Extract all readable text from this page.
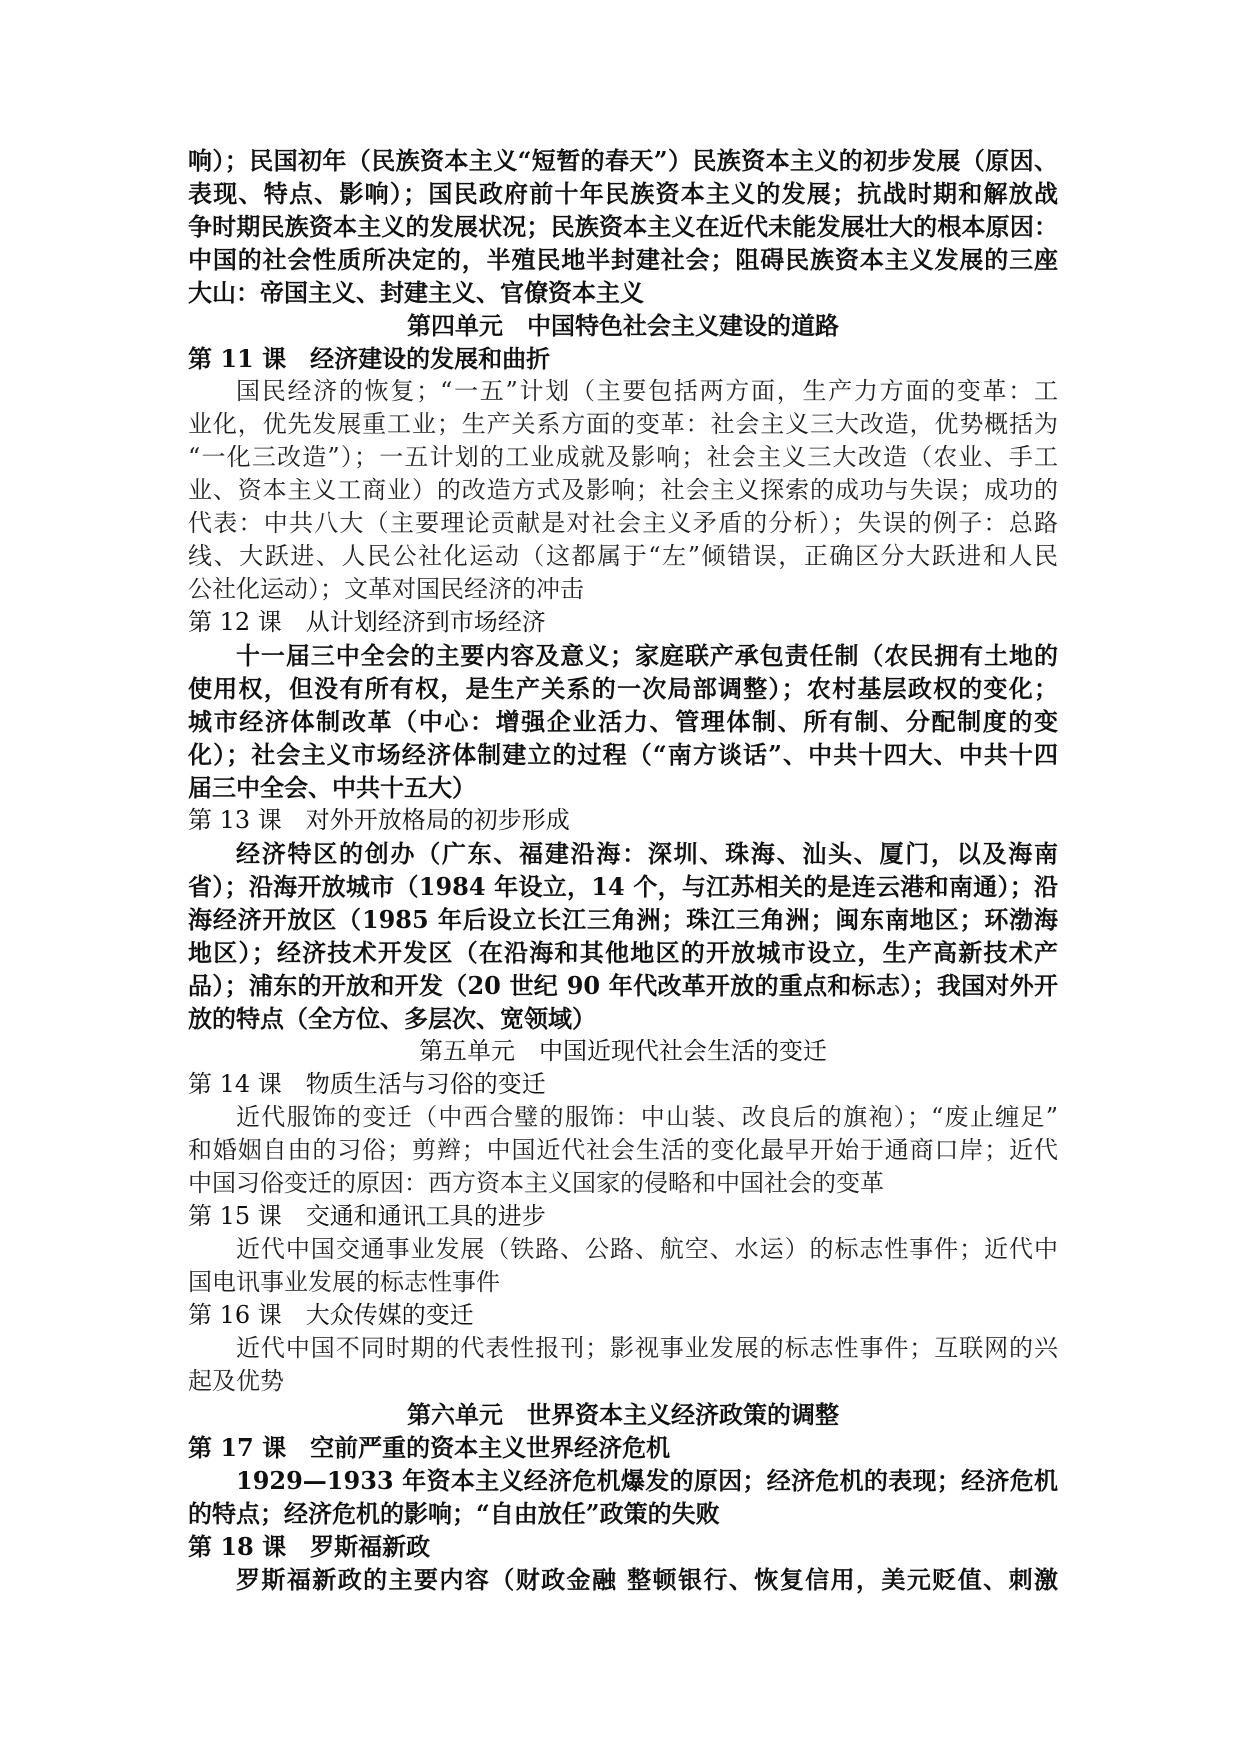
响）；民国初年（民族资本主义“短暂的春天”）民族资本主义的初步发展（原因、

表现、特点、影响）；国民政府前十年民族资本主义的发展；抗战时期和解放战

争时期民族资本主义的发展状况；民族资本主义在近代未能发展壮大的根本原因：

中国的社会性质所决定的，半殖民地半封建社会；阻碍民族资本主义发展的三座

大山：帝国主义、封建主义、官僚资本主义

第四单元　中国特色社会主义建设的道路

第 11 课　经济建设的发展和曲折

国民经济的恢复；“一五”计划（主要包括两方面，生产力方面的变革：工

业化，优先发展重工业；生产关系方面的变革：社会主义三大改造，优势概括为

“一化三改造”）；一五计划的工业成就及影响；社会主义三大改造（农业、手工

业、资本主义工商业）的改造方式及影响；社会主义探索的成功与失误；成功的

代表：中共八大（主要理论贡献是对社会主义矛盾的分析）；失误的例子：总路

线、大跃进、人民公社化运动（这都属于“左”倾错误，正确区分大跃进和人民

公社化运动）；文革对国民经济的冲击

第 12 课　从计划经济到市场经济

十一届三中全会的主要内容及意义；家庭联产承包责任制（农民拥有土地的

使用权，但没有所有权，是生产关系的一次局部调整）；农村基层政权的变化；

城市经济体制改革（中心：增强企业活力、管理体制、所有制、分配制度的变

化）；社会主义市场经济体制建立的过程（“南方谈话”、中共十四大、中共十四

届三中全会、中共十五大）

第 13 课　对外开放格局的初步形成

经济特区的创办（广东、福建沿海：深圳、珠海、汕头、厦门，以及海南

省）；沿海开放城市（1984 年设立，14 个，与江苏相关的是连云港和南通）；沿

海经济开放区（1985 年后设立长江三角洲；珠江三角洲；闽东南地区；环渤海

地区）；经济技术开发区（在沿海和其他地区的开放城市设立，生产高新技术产

品）；浦东的开放和开发（20 世纪 90 年代改革开放的重点和标志）；我国对外开

放的特点（全方位、多层次、宽领域）

第五单元　中国近现代社会生活的变迁

第 14 课　物质生活与习俗的变迁

近代服饰的变迁（中西合璧的服饰：中山装、改良后的旗袍）；“废止缠足”

和婚姻自由的习俗；剪辫；中国近代社会生活的变化最早开始于通商口岸；近代

中国习俗变迁的原因：西方资本主义国家的侵略和中国社会的变革

第 15 课　交通和通讯工具的进步

近代中国交通事业发展（铁路、公路、航空、水运）的标志性事件；近代中

国电讯事业发展的标志性事件

第 16 课　大众传媒的变迁

近代中国不同时期的代表性报刊；影视事业发展的标志性事件；互联网的兴

起及优势

第六单元　世界资本主义经济政策的调整

第 17 课　空前严重的资本主义世界经济危机

1929—1933 年资本主义经济危机爆发的原因；经济危机的表现；经济危机

的特点；经济危机的影响；“自由放任”政策的失败

第 18 课　罗斯福新政

罗斯福新政的主要内容（财政金融 整顿银行、恢复信用，美元贬值、刺激
